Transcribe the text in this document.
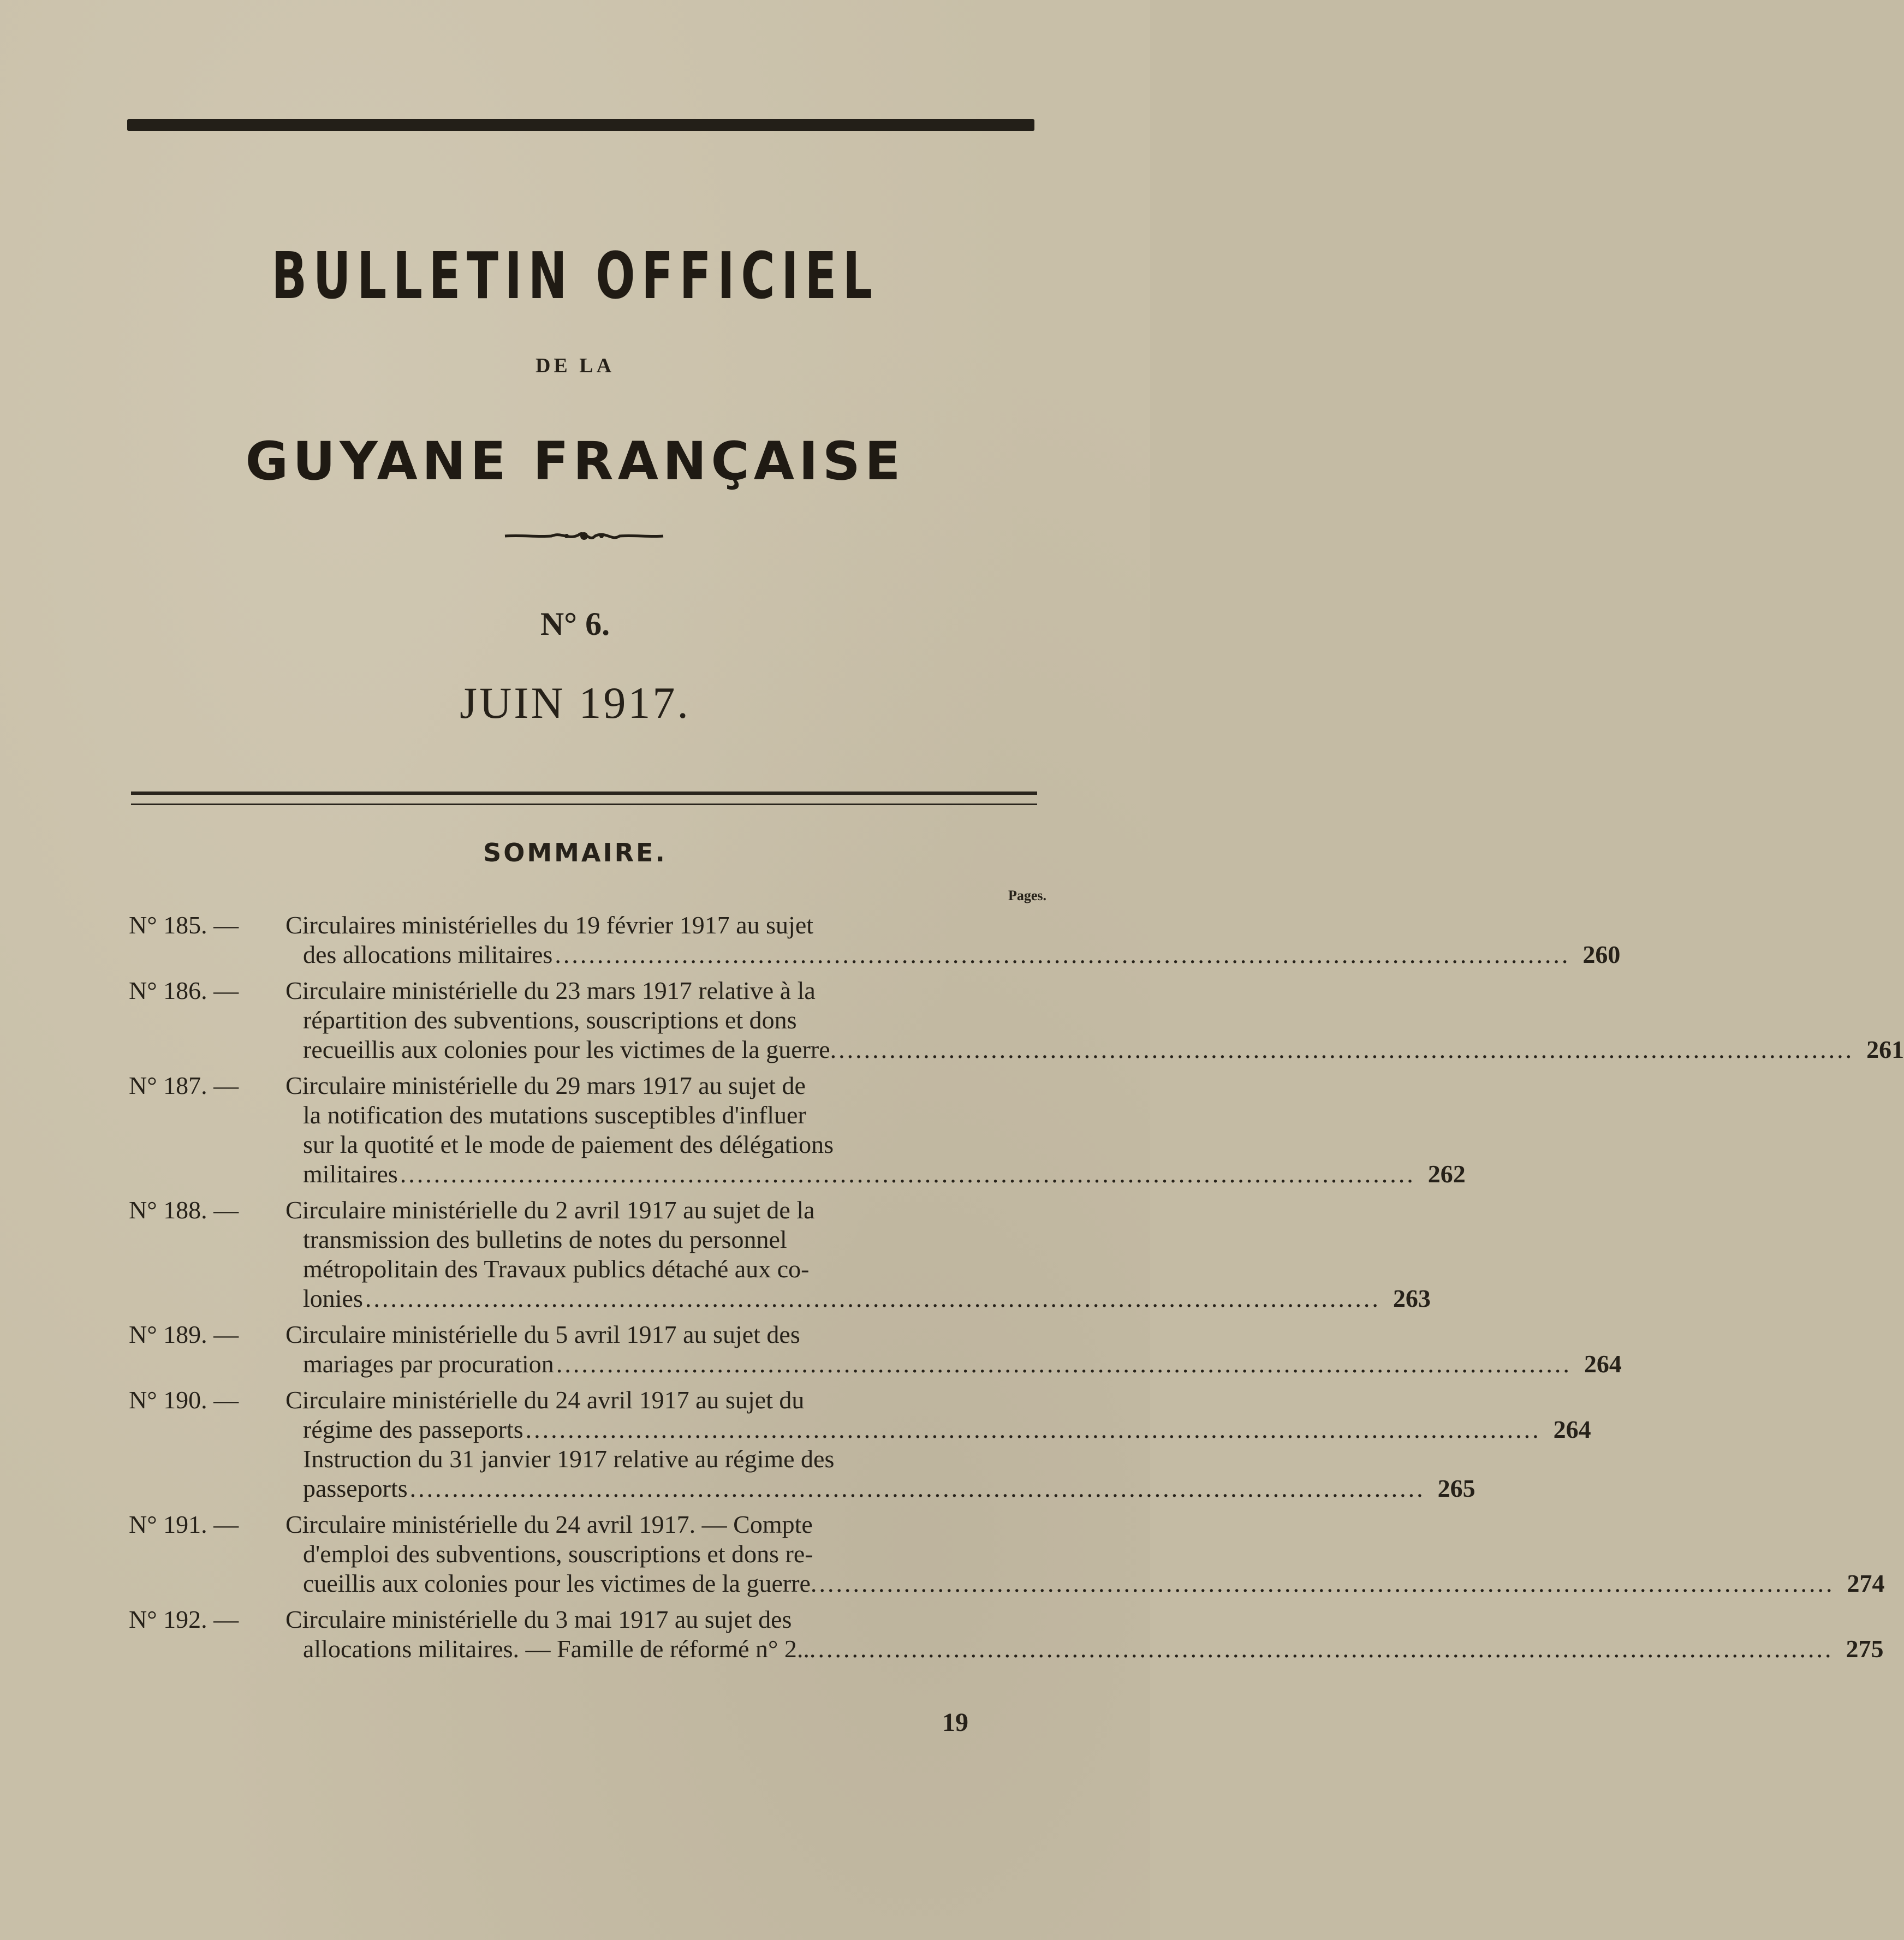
BULLETIN OFFICIEL
DE LA
GUYANE FRANÇAISE
N° 6.
JUIN 1917.
SOMMAIRE.
Pages.
N° 185. —	Circulaires ministérielles du 19 février 1917 au sujet
des allocations militaires ........................................................................................................................ 260
N° 186. —	Circulaire ministérielle du 23 mars 1917 relative à la
répartition des subventions, souscriptions et dons
recueillis aux colonies pour les victimes de la guerre. ........................................................................................................................ 261
N° 187. —	Circulaire ministérielle du 29 mars 1917 au sujet de
la notification des mutations susceptibles d'influer
sur la quotité et le mode de paiement des délégations
militaires ........................................................................................................................ 262
N° 188. —	Circulaire ministérielle du 2 avril 1917 au sujet de la
transmission des bulletins de notes du personnel
métropolitain des Travaux publics détaché aux co-
lonies ........................................................................................................................ 263
N° 189. —	Circulaire ministérielle du 5 avril 1917 au sujet des
mariages par procuration ........................................................................................................................ 264
N° 190. —	Circulaire ministérielle du 24 avril 1917 au sujet du
régime des passeports ........................................................................................................................ 264
Instruction du 31 janvier 1917 relative au régime des
passeports ........................................................................................................................ 265
N° 191. —	Circulaire ministérielle du 24 avril 1917. — Compte
d'emploi des subventions, souscriptions et dons re-
cueillis aux colonies pour les victimes de la guerre. ........................................................................................................................ 274
N° 192. —	Circulaire ministérielle du 3 mai 1917 au sujet des
allocations militaires. — Famille de réformé n° 2... ........................................................................................................................ 275
19
